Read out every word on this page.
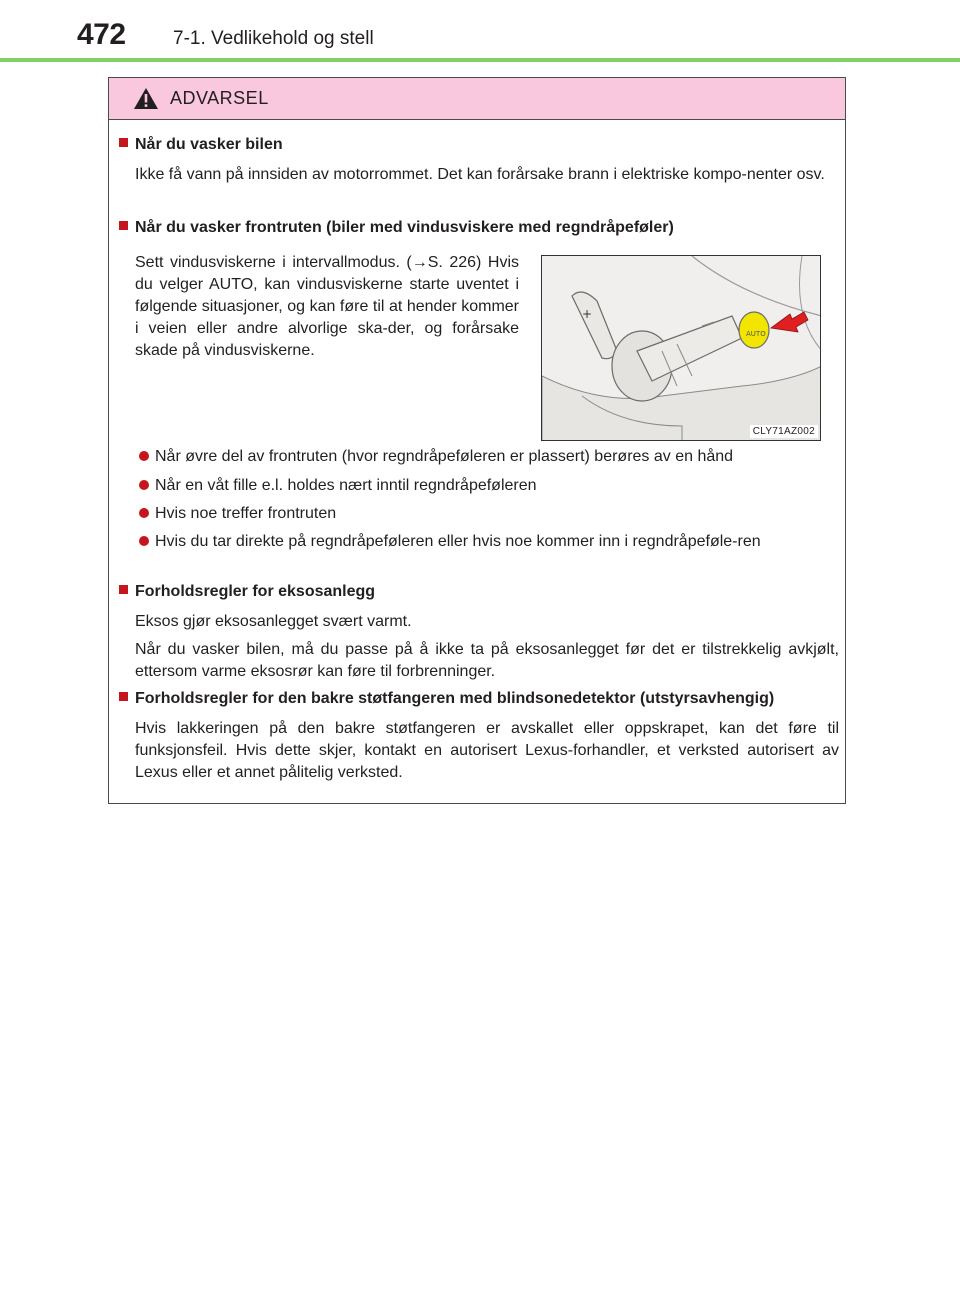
472 7-1. Vedlikehold og stell
ADVARSEL
Når du vasker bilen
Ikke få vann på innsiden av motorrommet. Det kan forårsake brann i elektriske kompo-nenter osv.
Når du vasker frontruten (biler med vindusviskere med regndråpeføler)
Sett vindusviskerne i intervallmodus. (→S. 226) Hvis du velger AUTO, kan vindusviskerne starte uventet i følgende situasjoner, og kan føre til at hender kommer i veien eller andre alvorlige ska-der, og forårsake skade på vindusviskerne.
+
AUTO
CLY71AZ002
Når øvre del av frontruten (hvor regndråpeføleren er plassert) berøres av en hånd
Når en våt fille e.l. holdes nært inntil regndråpeføleren
Hvis noe treffer frontruten
Hvis du tar direkte på regndråpeføleren eller hvis noe kommer inn i regndråpeføle-ren
Forholdsregler for eksosanlegg
Eksos gjør eksosanlegget svært varmt.
Når du vasker bilen, må du passe på å ikke ta på eksosanlegget før det er tilstrekkelig avkjølt, ettersom varme eksosrør kan føre til forbrenninger.
Forholdsregler for den bakre støtfangeren med blindsonedetektor (utstyrsavhengig)
Hvis lakkeringen på den bakre støtfangeren er avskallet eller oppskrapet, kan det føre til funksjonsfeil. Hvis dette skjer, kontakt en autorisert Lexus-forhandler, et verksted autorisert av Lexus eller et annet pålitelig verksted.
